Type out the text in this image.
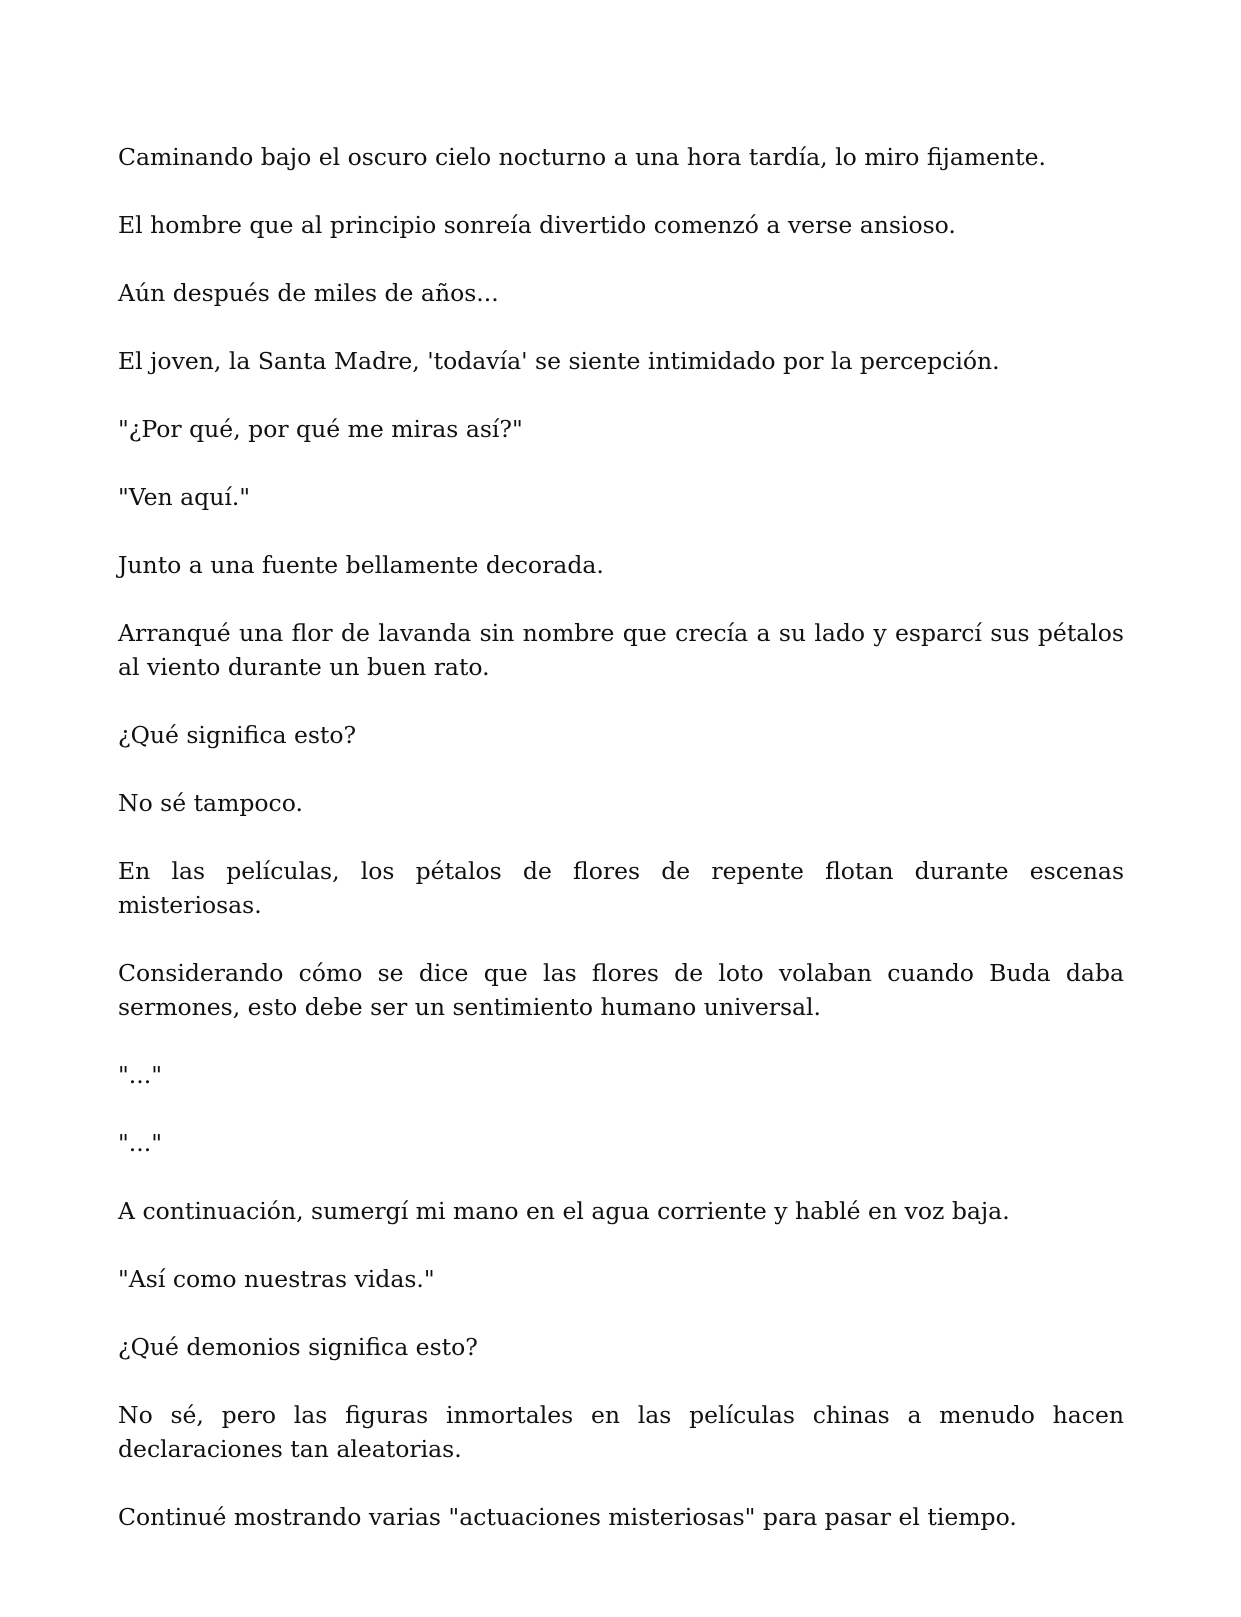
Caminando bajo el oscuro cielo nocturno a una hora tardía, lo miro fijamente.

El hombre que al principio sonreía divertido comenzó a verse ansioso.

Aún después de miles de años...

El joven, la Santa Madre, 'todavía' se siente intimidado por la percepción.

"¿Por qué, por qué me miras así?"

"Ven aquí."

Junto a una fuente bellamente decorada.

Arranqué una flor de lavanda sin nombre que crecía a su lado y esparcí sus pétalos al viento durante un buen rato.

¿Qué significa esto?

No sé tampoco.

En las películas, los pétalos de flores de repente flotan durante escenas misteriosas.

Considerando cómo se dice que las flores de loto volaban cuando Buda daba sermones, esto debe ser un sentimiento humano universal.

"..."

"..."

A continuación, sumergí mi mano en el agua corriente y hablé en voz baja.

"Así como nuestras vidas."

¿Qué demonios significa esto?

No sé, pero las figuras inmortales en las películas chinas a menudo hacen declaraciones tan aleatorias.

Continué mostrando varias "actuaciones misteriosas" para pasar el tiempo.
